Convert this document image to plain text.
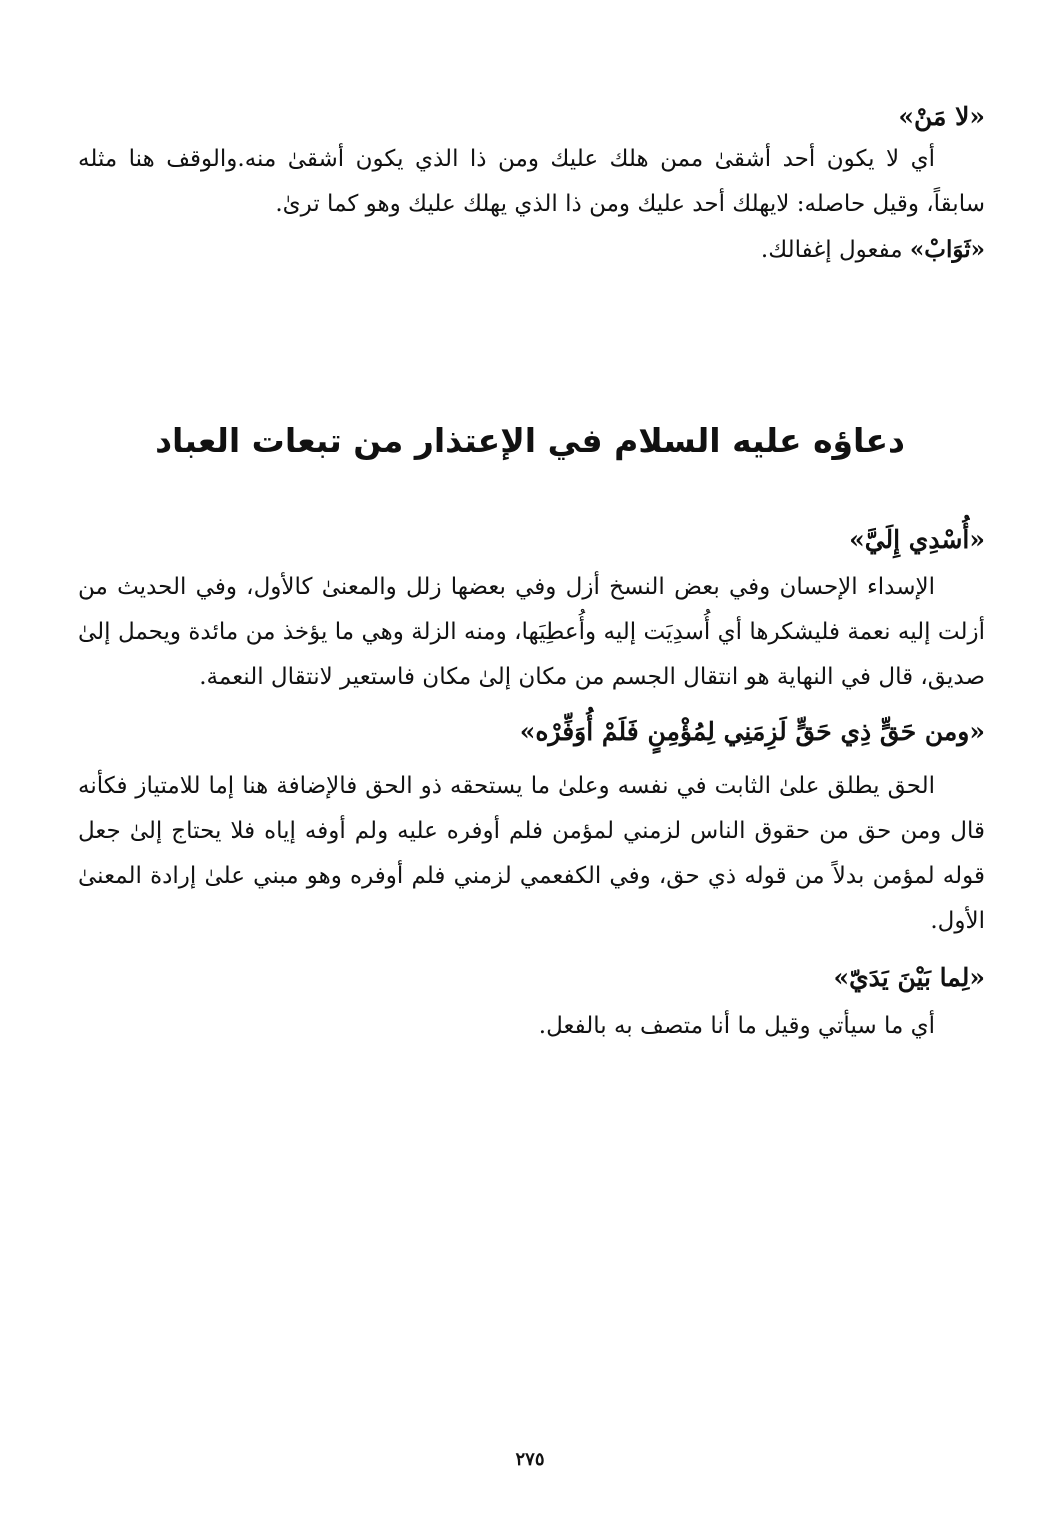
«لا مَنْ»

أي لا يكون أحد أشقىٰ ممن هلك عليك ومن ذا الذي يكون أشقىٰ منه.والوقف هنا مثله سابقاً، وقيل حاصله: لايهلك أحد عليك ومن ذا الذي يهلك عليك وهو كما ترىٰ.

«ثَوَابْ» مفعول إغفالك.

دعاؤه عليه السلام في الإعتذار من تبعات العباد

«أُسْدِي إِلَيَّ»

الإسداء الإحسان وفي بعض النسخ أزل وفي بعضها زلل والمعنىٰ كالأول، وفي الحديث من أزلت إليه نعمة فليشكرها أي أُسدِيَت إليه وأُعطِيَها، ومنه الزلة وهي ما يؤخذ من مائدة ويحمل إلىٰ صديق، قال في النهاية هو انتقال الجسم من مكان إلىٰ مكان فاستعير لانتقال النعمة.

«ومن حَقٍّ ذِي حَقٍّ لَزِمَنِي لِمُؤْمِنٍ فَلَمْ أُوَفِّرْه»

الحق يطلق علىٰ الثابت في نفسه وعلىٰ ما يستحقه ذو الحق فالإضافة هنا إما للامتياز فكأنه قال ومن حق من حقوق الناس لزمني لمؤمن فلم أوفره عليه ولم أوفه إياه فلا يحتاج إلىٰ جعل قوله لمؤمن بدلاً من قوله ذي حق، وفي الكفعمي لزمني فلم أوفره وهو مبني علىٰ إرادة المعنىٰ الأول.

«لِما بَيْنَ يَدَيّ»

أي ما سيأتي وقيل ما أنا متصف به بالفعل.

٢٧٥
